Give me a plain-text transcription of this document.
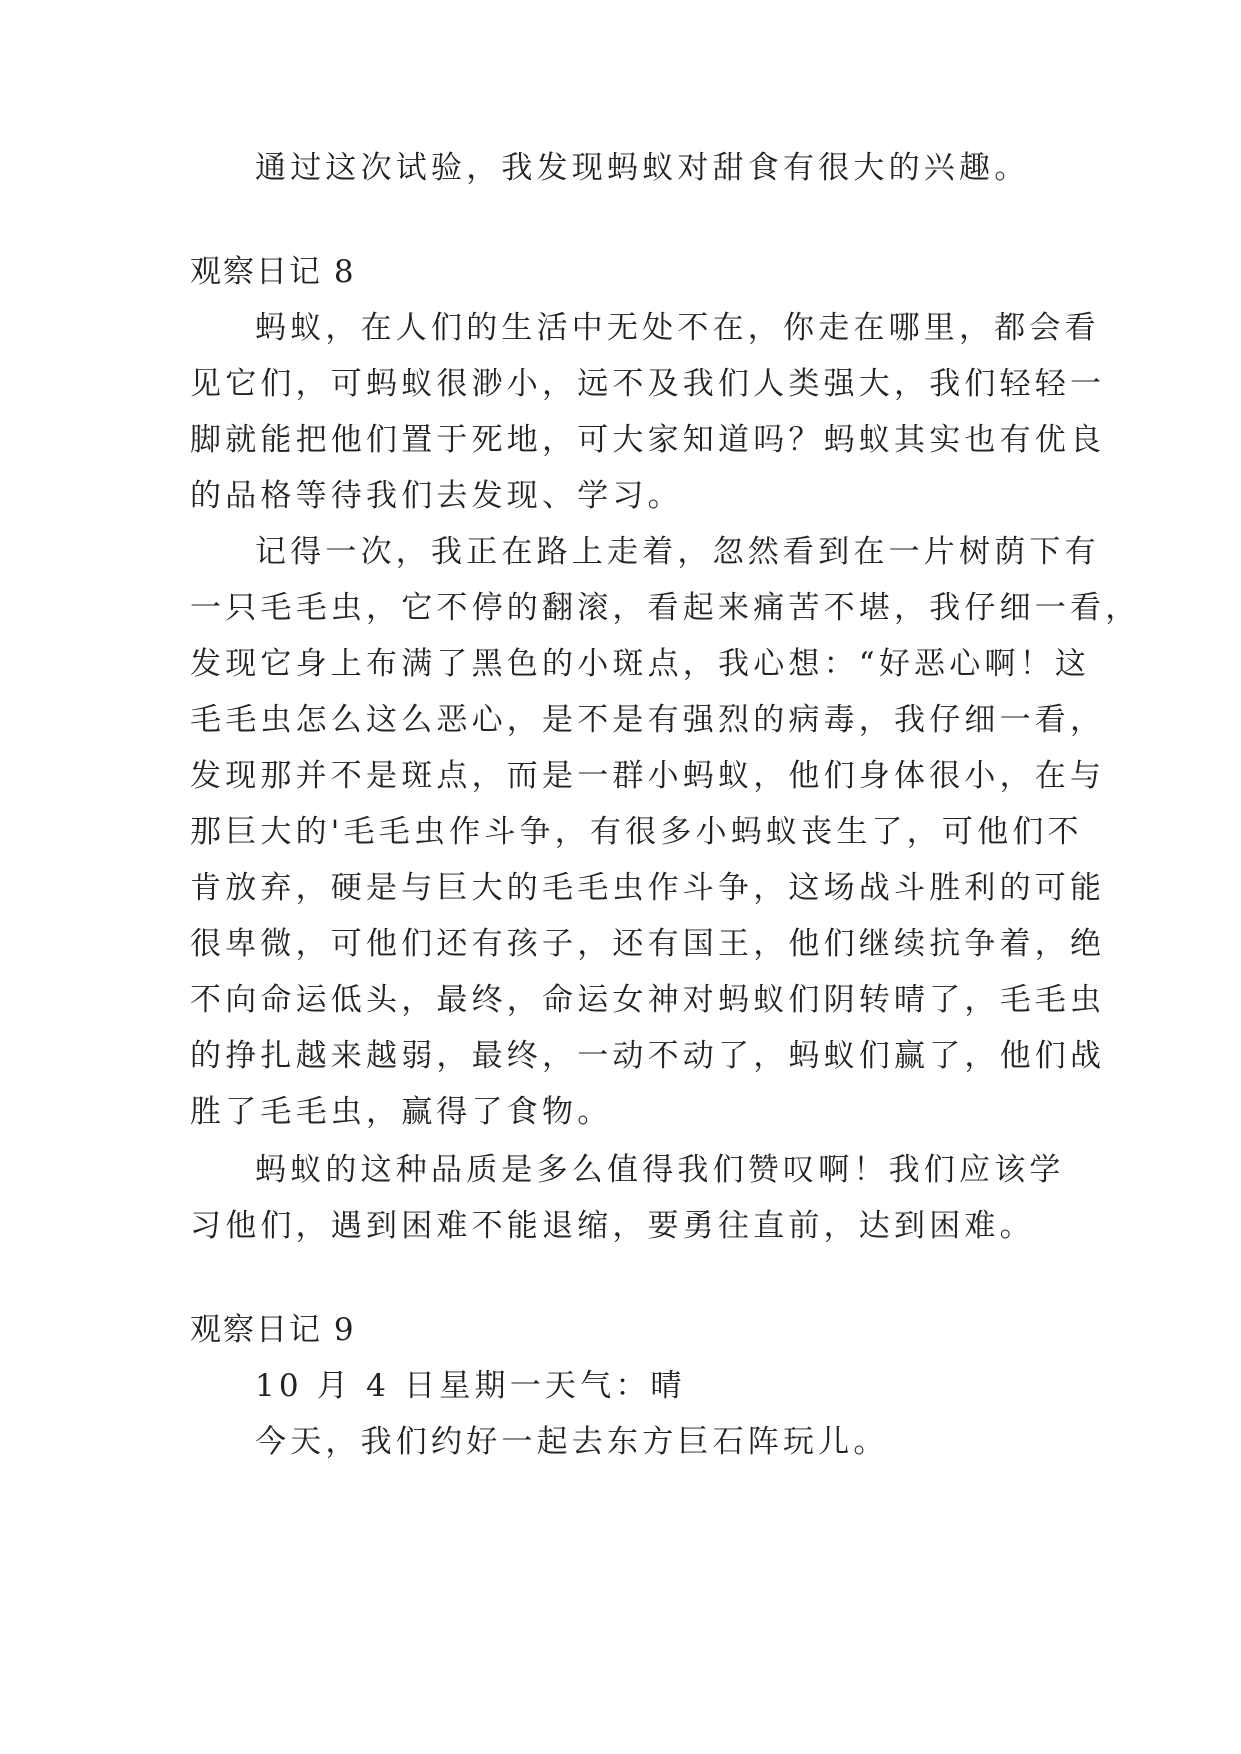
通过这次试验，我发现蚂蚁对甜食有很大的兴趣。
观察日记 8
蚂蚁，在人们的生活中无处不在，你走在哪里，都会看
见它们，可蚂蚁很渺小，远不及我们人类强大，我们轻轻一
脚就能把他们置于死地，可大家知道吗？蚂蚁其实也有优良
的品格等待我们去发现、学习。
记得一次，我正在路上走着，忽然看到在一片树荫下有
一只毛毛虫，它不停的翻滚，看起来痛苦不堪，我仔细一看，
发现它身上布满了黑色的小斑点，我心想：“好恶心啊！这
毛毛虫怎么这么恶心，是不是有强烈的病毒，我仔细一看，
发现那并不是斑点，而是一群小蚂蚁，他们身体很小，在与
那巨大的'毛毛虫作斗争，有很多小蚂蚁丧生了，可他们不
肯放弃，硬是与巨大的毛毛虫作斗争，这场战斗胜利的可能
很卑微，可他们还有孩子，还有国王，他们继续抗争着，绝
不向命运低头，最终，命运女神对蚂蚁们阴转晴了，毛毛虫
的挣扎越来越弱，最终，一动不动了，蚂蚁们赢了，他们战
胜了毛毛虫，赢得了食物。
蚂蚁的这种品质是多么值得我们赞叹啊！我们应该学
习他们，遇到困难不能退缩，要勇往直前，达到困难。
观察日记 9
10 月 4 日星期一天气：晴
今天，我们约好一起去东方巨石阵玩儿。
